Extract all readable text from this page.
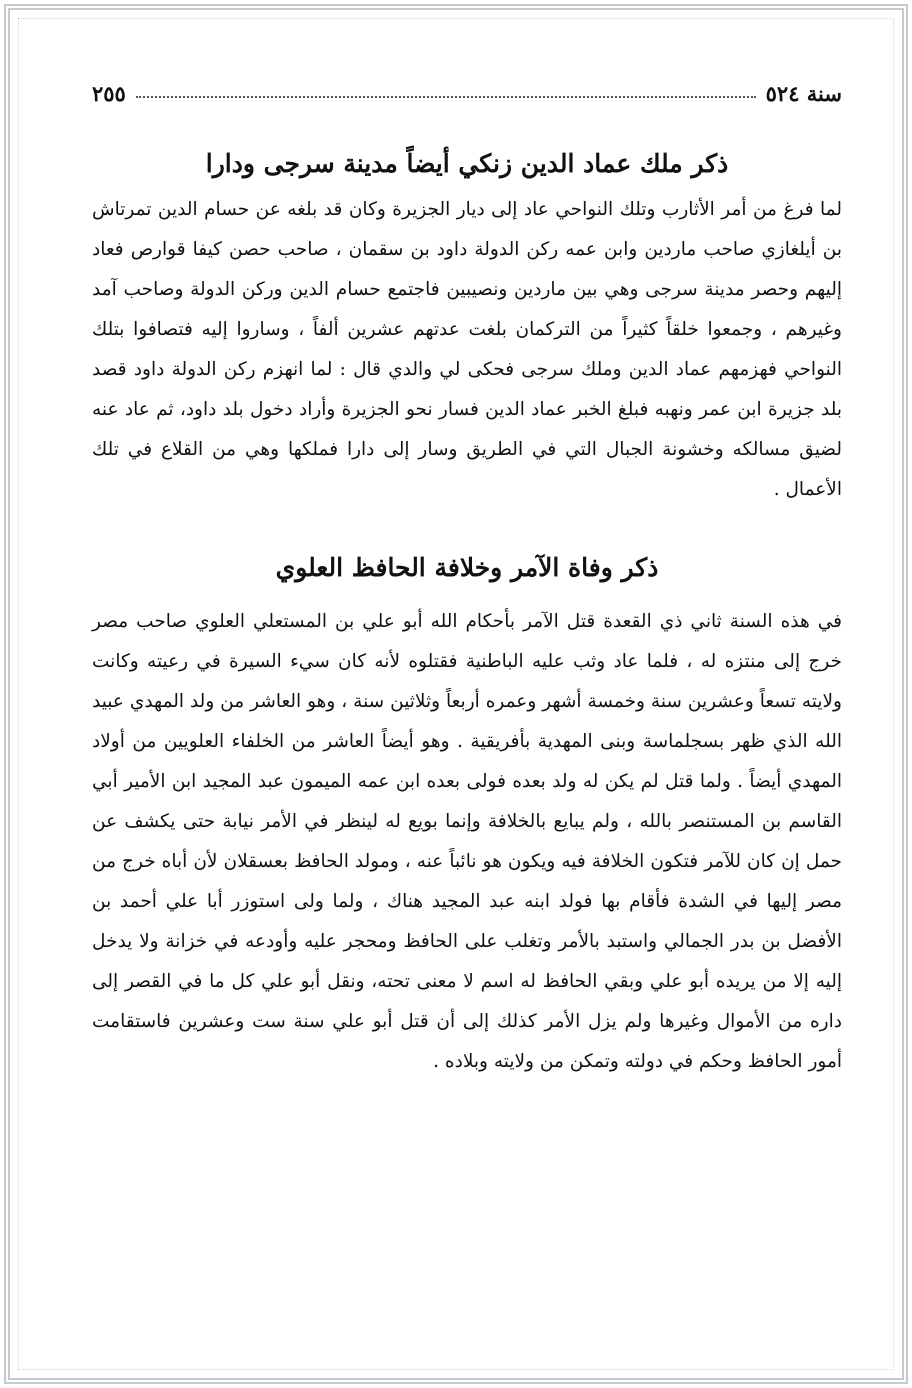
سنة ٥٢٤
٢٥٥
ذكر ملك عماد الدين زنكي أيضاً مدينة سرجى ودارا

لما فرغ من أمر الأثارب وتلك النواحي عاد إلى ديار الجزيرة وكان قد بلغه عن حسام الدين تمرتاش بن أيلغازي صاحب ماردين وابن عمه ركن الدولة داود بن سقمان ، صاحب حصن كيفا قوارص فعاد إليهم وحصر مدينة سرجى وهي بين ماردين ونصيبين فاجتمع حسام الدين وركن الدولة وصاحب آمد وغيرهم ، وجمعوا خلقاً كثيراً من التركمان بلغت عدتهم عشرين ألفاً ، وساروا إليه فتصافوا بتلك النواحي فهزمهم عماد الدين وملك سرجى فحكى لي والدي قال : لما انهزم ركن الدولة داود قصد بلد جزيرة ابن عمر ونهبه فبلغ الخبر عماد الدين فسار نحو الجزيرة وأراد دخول بلد داود، ثم عاد عنه لضيق مسالكه وخشونة الجبال التي في الطريق وسار إلى دارا فملكها وهي من القلاع في تلك الأعمال .

ذكر وفاة الآمر وخلافة الحافظ العلوي

في هذه السنة ثاني ذي القعدة قتل الآمر بأحكام الله أبو علي بن المستعلي العلوي صاحب مصر خرج إلى منتزه له ، فلما عاد وثب عليه الباطنية فقتلوه لأنه كان سيء السيرة في رعيته وكانت ولايته تسعاً وعشرين سنة وخمسة أشهر وعمره أربعاً وثلاثين سنة ، وهو العاشر من ولد المهدي عبيد الله الذي ظهر بسجلماسة وبنى المهدية بأفريقية . وهو أيضاً العاشر من الخلفاء العلويين من أولاد المهدي أيضاً . ولما قتل لم يكن له ولد بعده فولى بعده ابن عمه الميمون عبد المجيد ابن الأمير أبي القاسم بن المستنصر بالله ، ولم يبايع بالخلافة وإنما بويع له لينظر في الأمر نيابة حتى يكشف عن حمل إن كان للآمر فتكون الخلافة فيه ويكون هو نائباً عنه ، ومولد الحافظ بعسقلان لأن أباه خرج من مصر إليها في الشدة فأقام بها فولد ابنه عبد المجيد هناك ، ولما ولى استوزر أبا علي أحمد بن الأفضل بن بدر الجمالي واستبد بالأمر وتغلب على الحافظ ومحجر عليه وأودعه في خزانة ولا يدخل إليه إلا من يريده أبو علي وبقي الحافظ له اسم لا معنى تحته، ونقل أبو علي كل ما في القصر إلى داره من الأموال وغيرها ولم يزل الأمر كذلك إلى أن قتل أبو علي سنة ست وعشرين فاستقامت أمور الحافظ وحكم في دولته وتمكن من ولايته وبلاده .
